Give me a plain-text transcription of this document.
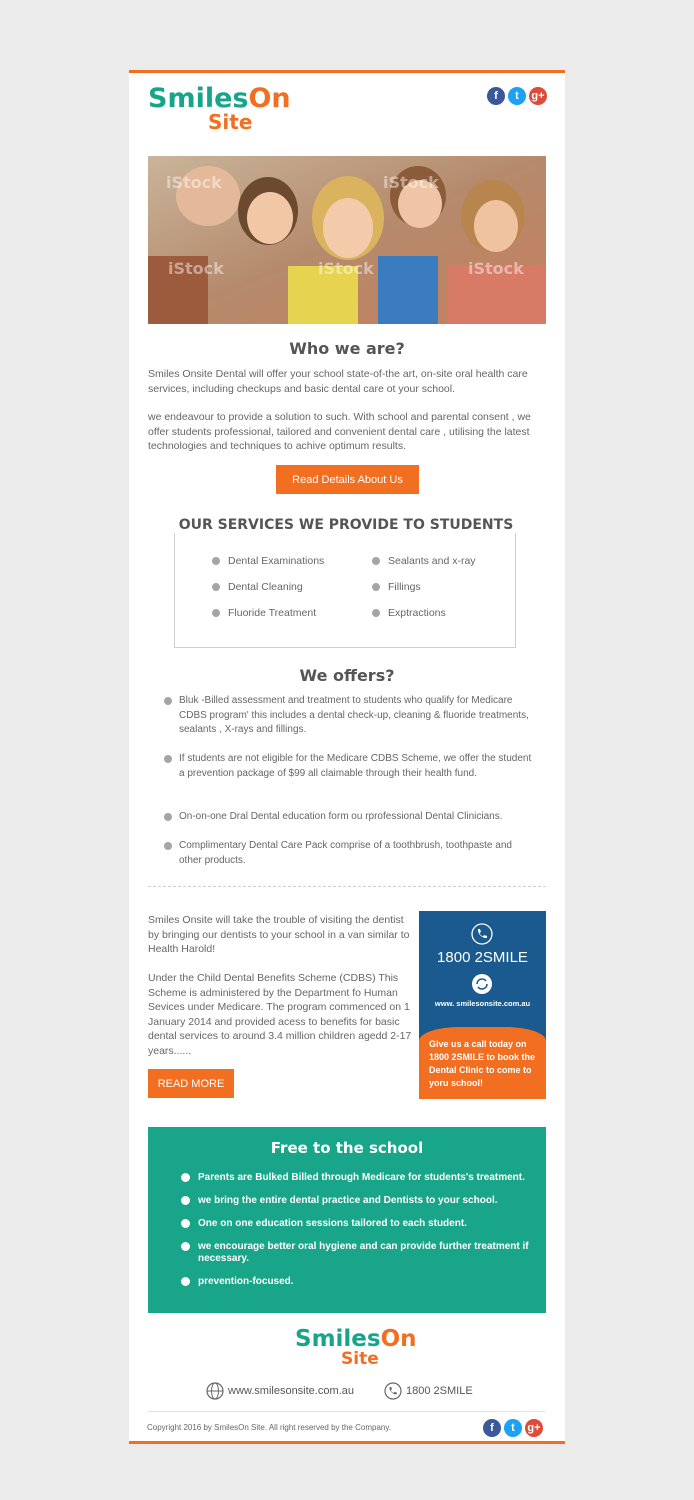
SmilesOn
Site
f	t	g+
iStock	iStock
iStock	iStock	iStock
Who we are?

Smiles Onsite Dental will offer your school state-of-the art, on-site oral health care services, including checkups and basic dental care ot your school.

we endeavour to provide a solution to such. With school and parental consent , we offer students professional, tailored and convenient dental care , utilising the latest technologies and techniques to achive optimum results.

Read Details About Us
OUR SERVICES WE PROVIDE TO STUDENTS
Dental Examinations	Sealants and x-ray
Dental Cleaning	Fillings
Fluoride Treatment	Exptractions
We offers?
Bluk -Billed assessment and treatment to students who qualify for Medicare CDBS program' this includes a dental check-up, cleaning & fluoride treatments, sealants , X-rays and fillings.
If students are not eligible for the Medicare CDBS Scheme, we offer the student a prevention package of $99 all claimable through their health fund.
On-on-one Dral Dental education form ou rprofessional Dental Clinicians.
Complimentary Dental Care Pack comprise of a toothbrush, toothpaste and other products.

Smiles Onsite will take the trouble of visiting the dentist by bringing our dentists to your school in a van similar to Health Harold!

Under the Child Dental Benefits Scheme (CDBS) This Scheme is administered by the Department fo Human Sevices under Medicare. The program commenced on 1 January 2014 and provided acess to benefits for basic dental services to around 3.4 million children agedd 2-17 years......

READ MORE
1800 2SMILE
www. smilesonsite.com.au
Give us a call today on 1800 2SMILE to book the Dental Clinic to come to yoru school!
Free to the school
Parents are Bulked Billed through Medicare for students's treatment.
we bring the entire dental practice and Dentists to your school.
One on one education sessions tailored to each student.
we encourage better oral hygiene and can provide further treatment if necessary.
prevention-focused.
SmilesOn
Site
www.smilesonsite.com.au	1800 2SMILE
Copyright 2016 by SmilesOn Site. All right reserved by the Company.	f	t	g+
